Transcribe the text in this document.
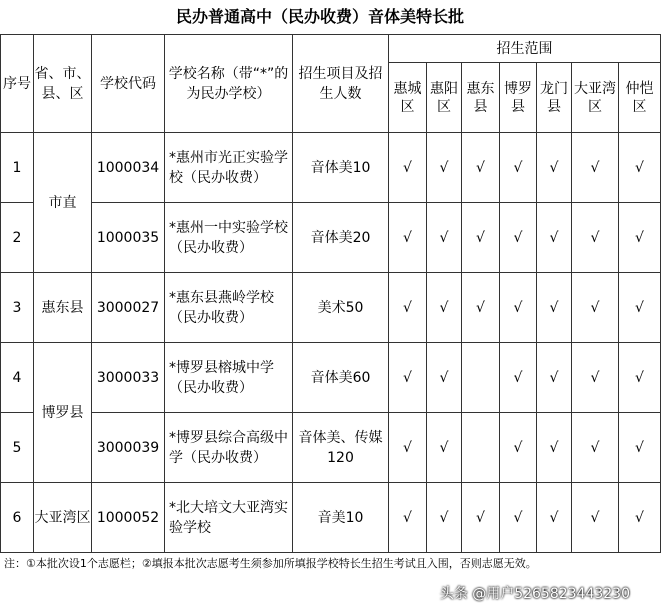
民办普通高中（民办收费）音体美特长批
序号	省、市、县、区	学校代码	学校名称（带“*”的为民办学校）	招生项目及招生人数	招生范围						
					惠城区	惠阳区	惠东县	博罗县	龙门县	大亚湾区	仲恺区
1	市直	1000034	*惠州市光正实验学校（民办收费）	音体美10	√	√	√	√	√	√	√
2		1000035	*惠州一中实验学校（民办收费）	音体美20	√	√	√	√	√	√	√
3	惠东县	3000027	*惠东县燕岭学校（民办收费）	美术50	√	√	√	√	√	√	√
4	博罗县	3000033	*博罗县榕城中学（民办收费）	音体美60	√	√		√	√	√	√
5		3000039	*博罗县综合高级中学（民办收费）	音体美、传媒120	√	√		√	√	√	√
6	大亚湾区	1000052	*北大培文大亚湾实验学校	音美10	√	√	√	√	√	√	√
注：①本批次设1个志愿栏；②填报本批次志愿考生须参加所填报学校特长生招生考试且入围，否则志愿无效。
头条 @用户5265823443230
